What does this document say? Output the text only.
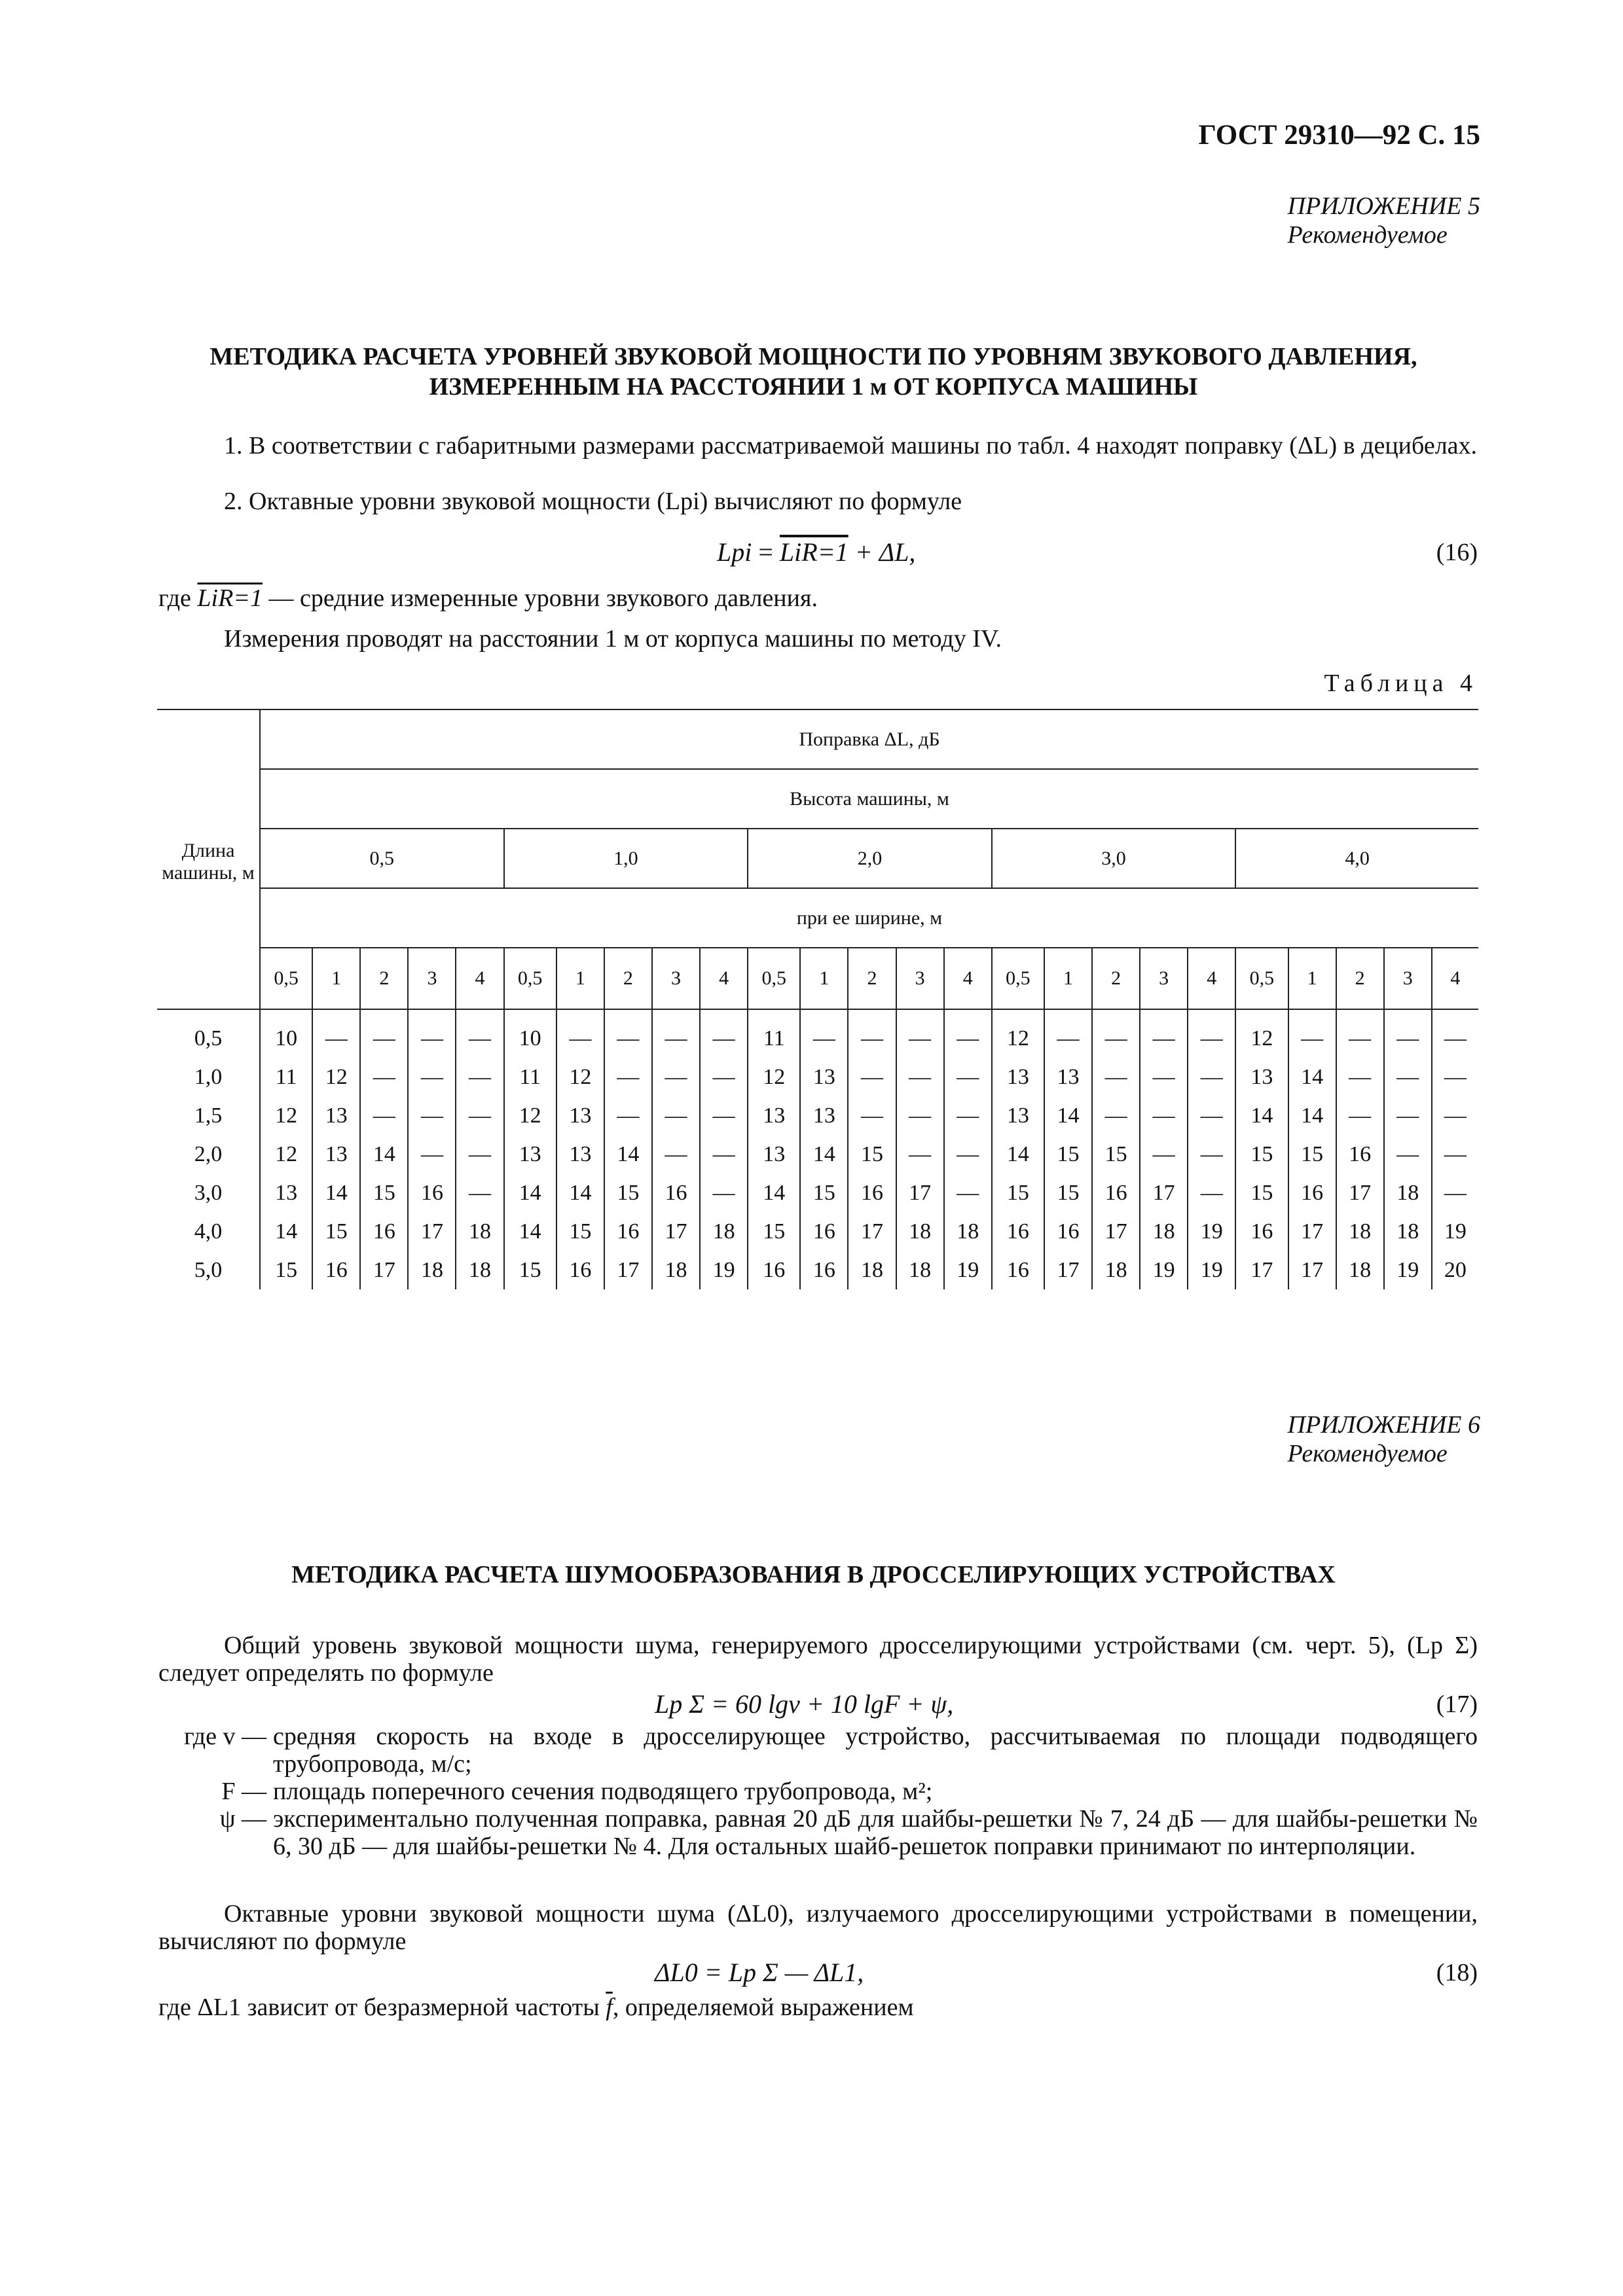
ГОСТ 29310—92 С. 15
ПРИЛОЖЕНИЕ 5
Рекомендуемое
МЕТОДИКА РАСЧЕТА УРОВНЕЙ ЗВУКОВОЙ МОЩНОСТИ ПО УРОВНЯМ ЗВУКОВОГО ДАВЛЕНИЯ,
ИЗМЕРЕННЫМ НА РАССТОЯНИИ 1 м ОТ КОРПУСА МАШИНЫ
1. В соответствии с габаритными размерами рассматриваемой машины по табл. 4 находят поправку (ΔL) в децибелах.
2. Октавные уровни звуковой мощности (Lpi) вычисляют по формуле
Lpi = LiR=1 + ΔL,	(16)
где LiR=1 — средние измеренные уровни звукового давления.
Измерения проводят на расстоянии 1 м от корпуса машины по методу IV.
Таблица 4
Длина машины, м	Поправка ΔL, дБ																								
	Высота машины, м																								
	0,5					1,0					2,0					3,0					4,0				
	при ее ширине, м																								
	0,5	1	2	3	4	0,5	1	2	3	4	0,5	1	2	3	4	0,5	1	2	3	4	0,5	1	2	3	4
0,5	10	—	—	—	—	10	—	—	—	—	11	—	—	—	—	12	—	—	—	—	12	—	—	—	—
1,0	11	12	—	—	—	11	12	—	—	—	12	13	—	—	—	13	13	—	—	—	13	14	—	—	—
1,5	12	13	—	—	—	12	13	—	—	—	13	13	—	—	—	13	14	—	—	—	14	14	—	—	—
2,0	12	13	14	—	—	13	13	14	—	—	13	14	15	—	—	14	15	15	—	—	15	15	16	—	—
3,0	13	14	15	16	—	14	14	15	16	—	14	15	16	17	—	15	15	16	17	—	15	16	17	18	—
4,0	14	15	16	17	18	14	15	16	17	18	15	16	17	18	18	16	16	17	18	19	16	17	18	18	19
5,0	15	16	17	18	18	15	16	17	18	19	16	16	18	18	19	16	17	18	19	19	17	17	18	19	20
ПРИЛОЖЕНИЕ 6
Рекомендуемое
МЕТОДИКА РАСЧЕТА ШУМООБРАЗОВАНИЯ В ДРОССЕЛИРУЮЩИХ УСТРОЙСТВАХ
Общий уровень звуковой мощности шума, генерируемого дросселирующими устройствами (см. черт. 5), (Lp Σ) следует определять по формуле
Lp Σ = 60 lgv + 10 lgF + ψ,	(17)
где v — средняя скорость на входе в дросселирующее устройство, рассчитываемая по площади подводящего трубопровода, м/с;
F — площадь поперечного сечения подводящего трубопровода, м²;
ψ — экспериментально полученная поправка, равная 20 дБ для шайбы-решетки № 7, 24 дБ — для шайбы-решетки № 6, 30 дБ — для шайбы-решетки № 4. Для остальных шайб-решеток поправки принимают по интерполяции.
Октавные уровни звуковой мощности шума (ΔL0), излучаемого дросселирующими устройствами в помещении, вычисляют по формуле
ΔL0 = Lp Σ — ΔL1,	(18)
где ΔL1 зависит от безразмерной частоты $\overline{f}$, определяемой выражением
